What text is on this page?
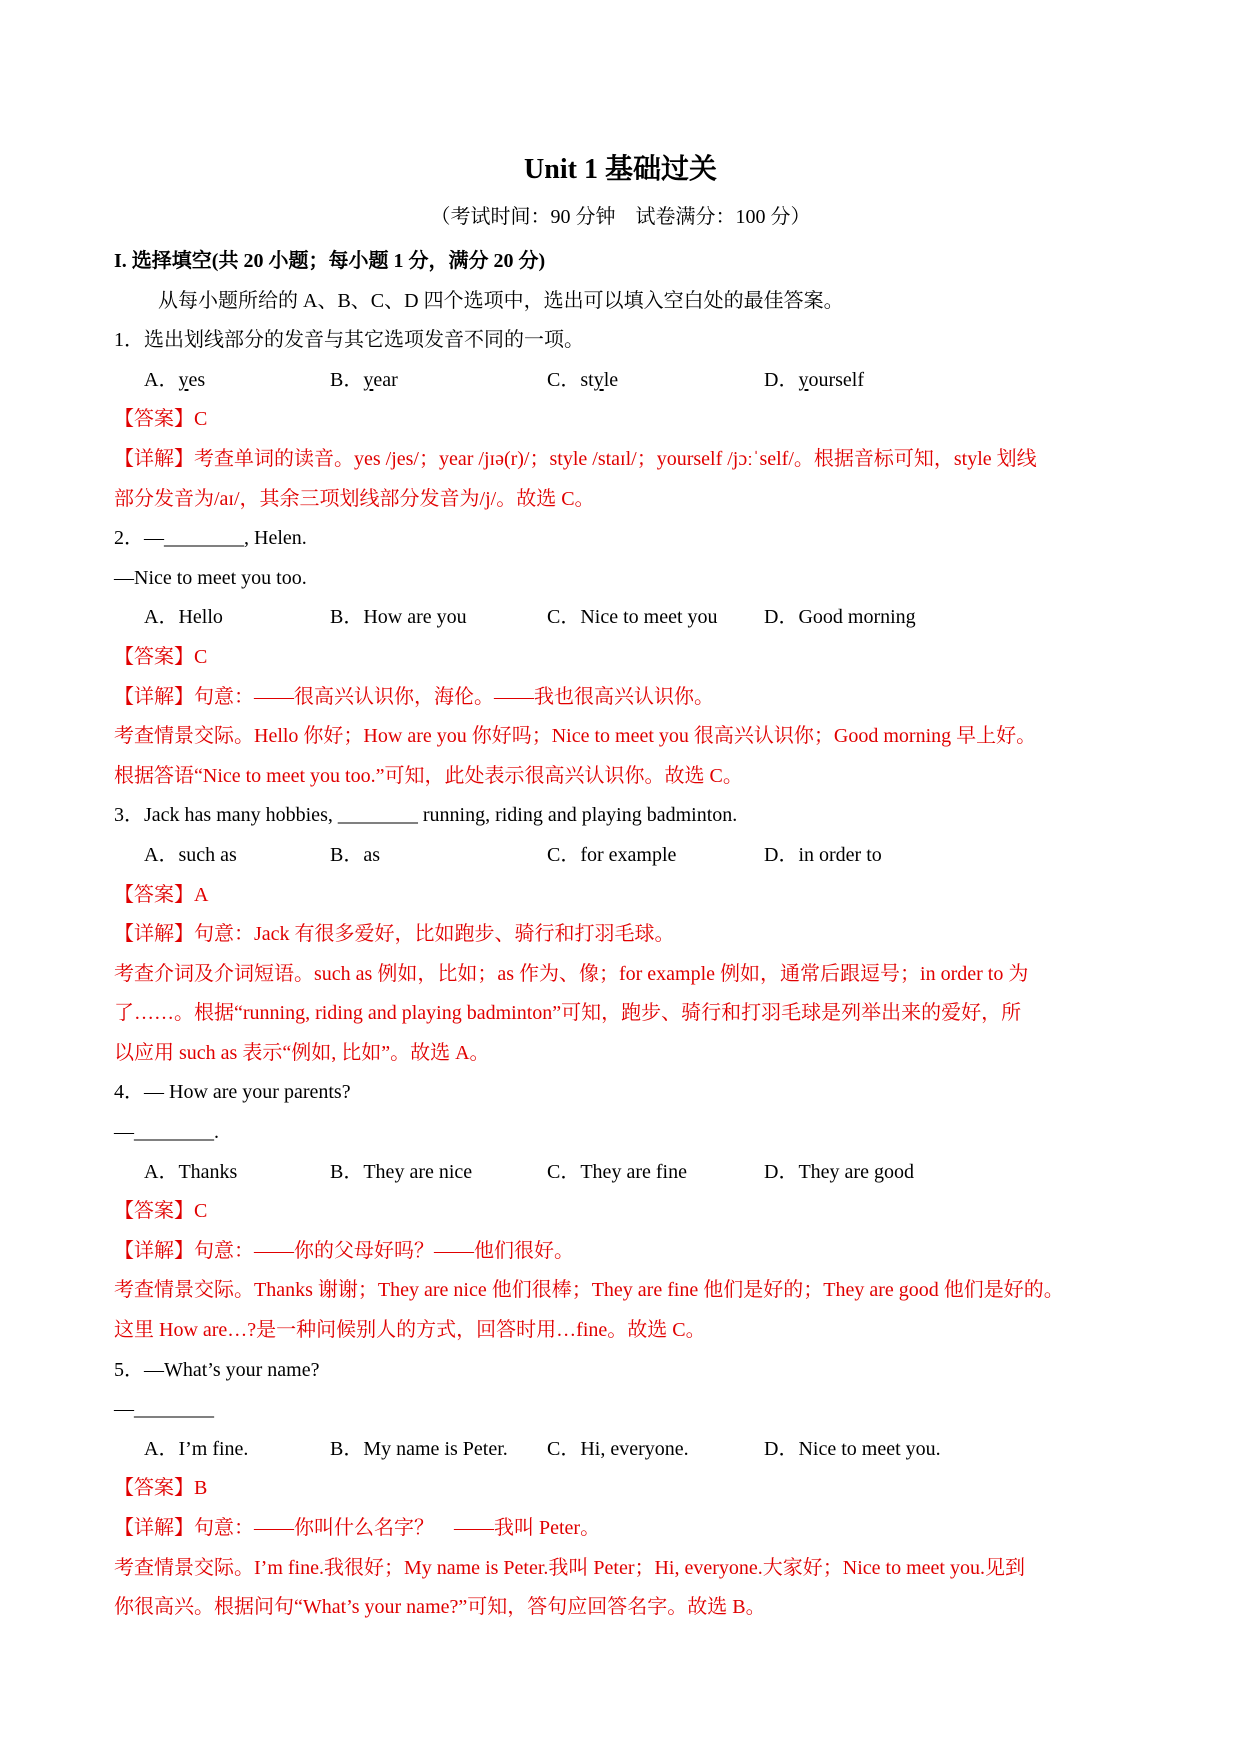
Unit 1 基础过关
（考试时间：90 分钟　试卷满分：100 分）
I. 选择填空(共 20 小题；每小题 1 分，满分 20 分)
从每小题所给的 A、B、C、D 四个选项中，选出可以填入空白处的最佳答案。
1．选出划线部分的发音与其它选项发音不同的一项。
A．yes	B．year	C．style	D．yourself
【答案】C
【详解】考查单词的读音。yes /jes/；year /jɪə(r)/；style /staɪl/；yourself /jɔːˈself/。根据音标可知，style 划线
部分发音为/aɪ/，其余三项划线部分发音为/j/。故选 C。
2．—________, Helen.
—Nice to meet you too.
A．Hello	B．How are you	C．Nice to meet you	D．Good morning
【答案】C
【详解】句意：——很高兴认识你，海伦。——我也很高兴认识你。
考查情景交际。Hello 你好；How are you 你好吗；Nice to meet you 很高兴认识你；Good morning 早上好。
根据答语“Nice to meet you too.”可知，此处表示很高兴认识你。故选 C。
3．Jack has many hobbies, ________ running, riding and playing badminton.
A．such as	B．as	C．for example	D．in order to
【答案】A
【详解】句意：Jack 有很多爱好，比如跑步、骑行和打羽毛球。
考查介词及介词短语。such as 例如，比如；as 作为、像；for example 例如，通常后跟逗号；in order to 为
了……。根据“running, riding and playing badminton”可知，跑步、骑行和打羽毛球是列举出来的爱好，所
以应用 such as 表示“例如, 比如”。故选 A。
4．— How are your parents?
—________.
A．Thanks	B．They are nice	C．They are fine	D．They are good
【答案】C
【详解】句意：——你的父母好吗？——他们很好。
考查情景交际。Thanks 谢谢；They are nice 他们很棒；They are fine 他们是好的；They are good 他们是好的。
这里 How are…?是一种问候别人的方式，回答时用…fine。故选 C。
5．—What’s your name?
—________
A．I’m fine.	B．My name is Peter.	C．Hi, everyone.	D．Nice to meet you.
【答案】B
【详解】句意：——你叫什么名字？　——我叫 Peter。
考查情景交际。I’m fine.我很好；My name is Peter.我叫 Peter；Hi, everyone.大家好；Nice to meet you.见到
你很高兴。根据问句“What’s your name?”可知，答句应回答名字。故选 B。
